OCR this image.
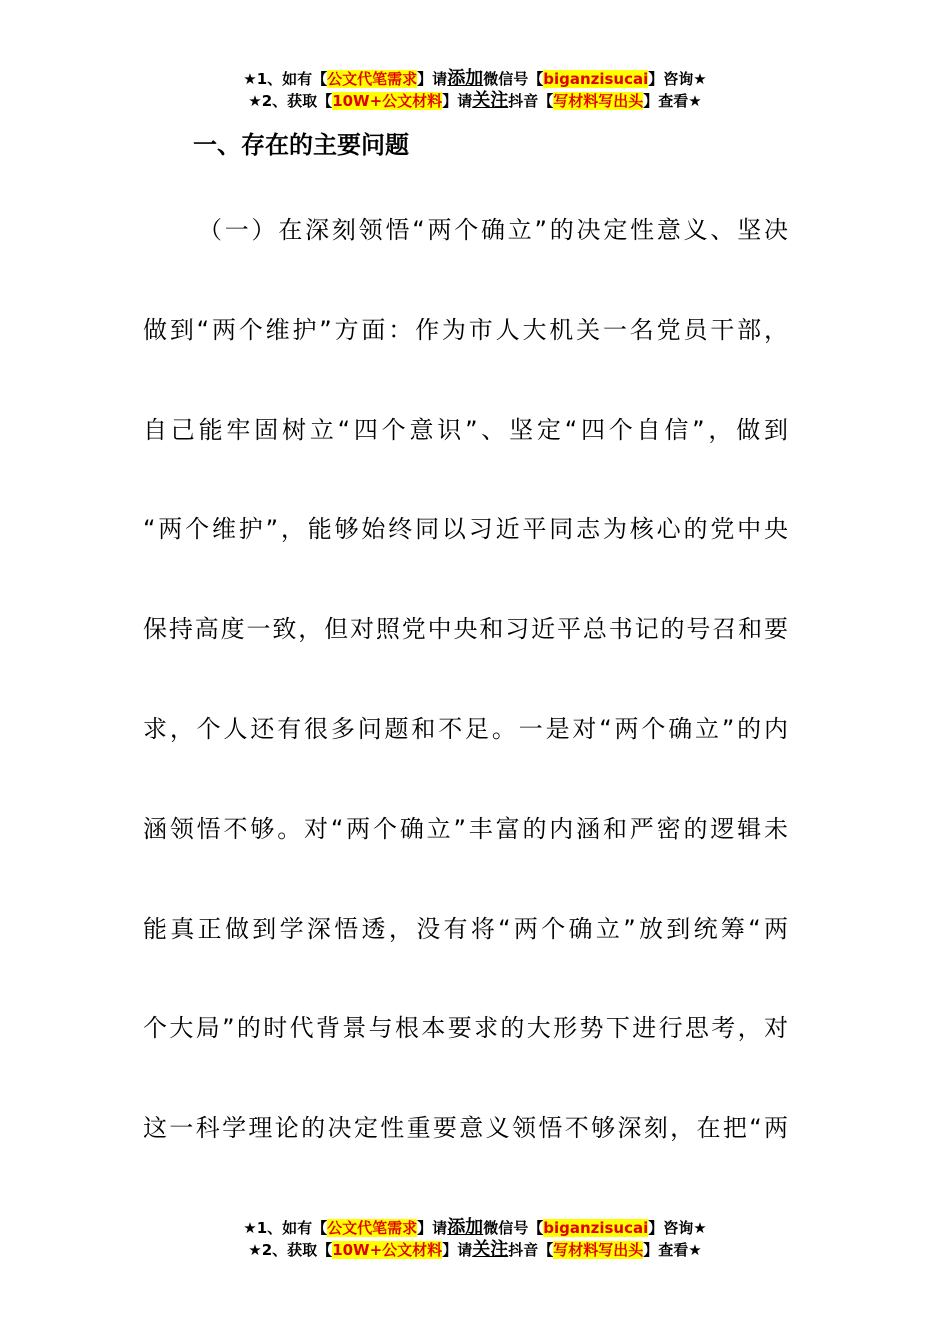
★1、如有【公文代笔需求】请添加微信号【biganzisucai】咨询★
★2、获取【10W+公文材料】请关注抖音【写材料写出头】查看★
一、存在的主要问题
（一）在深刻领悟“两个确立”的决定性意义、坚决
做到“两个维护”方面：作为市人大机关一名党员干部，
自己能牢固树立“四个意识”、坚定“四个自信”，做到
“两个维护”，能够始终同以习近平同志为核心的党中央
保持高度一致，但对照党中央和习近平总书记的号召和要
求，个人还有很多问题和不足。一是对“两个确立”的内
涵领悟不够。对“两个确立”丰富的内涵和严密的逻辑未
能真正做到学深悟透，没有将“两个确立”放到统筹“两
个大局”的时代背景与根本要求的大形势下进行思考，对
这一科学理论的决定性重要意义领悟不够深刻，在把“两
★1、如有【公文代笔需求】请添加微信号【biganzisucai】咨询★
★2、获取【10W+公文材料】请关注抖音【写材料写出头】查看★
